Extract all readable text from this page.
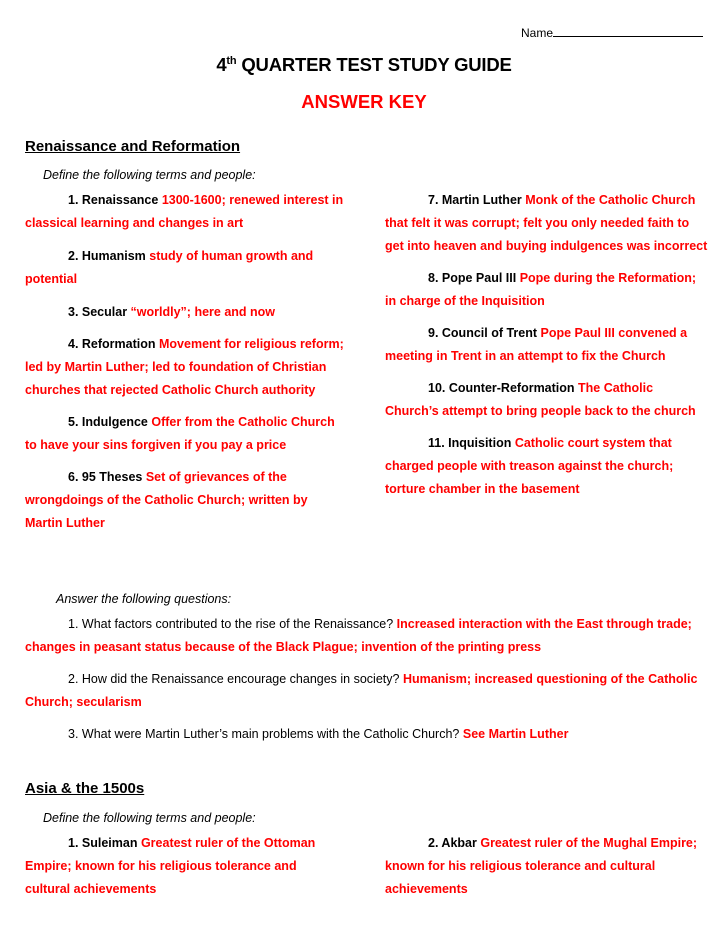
Name
4th QUARTER TEST STUDY GUIDE
ANSWER KEY
Renaissance and Reformation
Define the following terms and people:

1. Renaissance 1300-1600; renewed interest in classical learning and changes in art

2. Humanism study of human growth and potential

3. Secular “worldly”; here and now

4. Reformation Movement for religious reform; led by Martin Luther; led to foundation of Christian churches that rejected Catholic Church authority

5. Indulgence Offer from the Catholic Church to have your sins forgiven if you pay a price

6. 95 Theses Set of grievances of the wrongdoings of the Catholic Church; written by Martin Luther

7. Martin Luther Monk of the Catholic Church that felt it was corrupt; felt you only needed faith to get into heaven and buying indulgences was incorrect

8. Pope Paul III Pope during the Reformation; in charge of the Inquisition

9. Council of Trent Pope Paul III convened a meeting in Trent in an attempt to fix the Church

10. Counter-Reformation The Catholic Church’s attempt to bring people back to the church

11. Inquisition Catholic court system that charged people with treason against the church; torture chamber in the basement

Answer the following questions:
1. What factors contributed to the rise of the Renaissance? Increased interaction with the East through trade; changes in peasant status because of the Black Plague; invention of the printing press
2. How did the Renaissance encourage changes in society? Humanism; increased questioning of the Catholic Church; secularism
3. What were Martin Luther’s main problems with the Catholic Church? See Martin Luther
Asia & the 1500s
Define the following terms and people:

1. Suleiman Greatest ruler of the Ottoman Empire; known for his religious tolerance and cultural achievements

2. Akbar Greatest ruler of the Mughal Empire; known for his religious tolerance and cultural achievements
